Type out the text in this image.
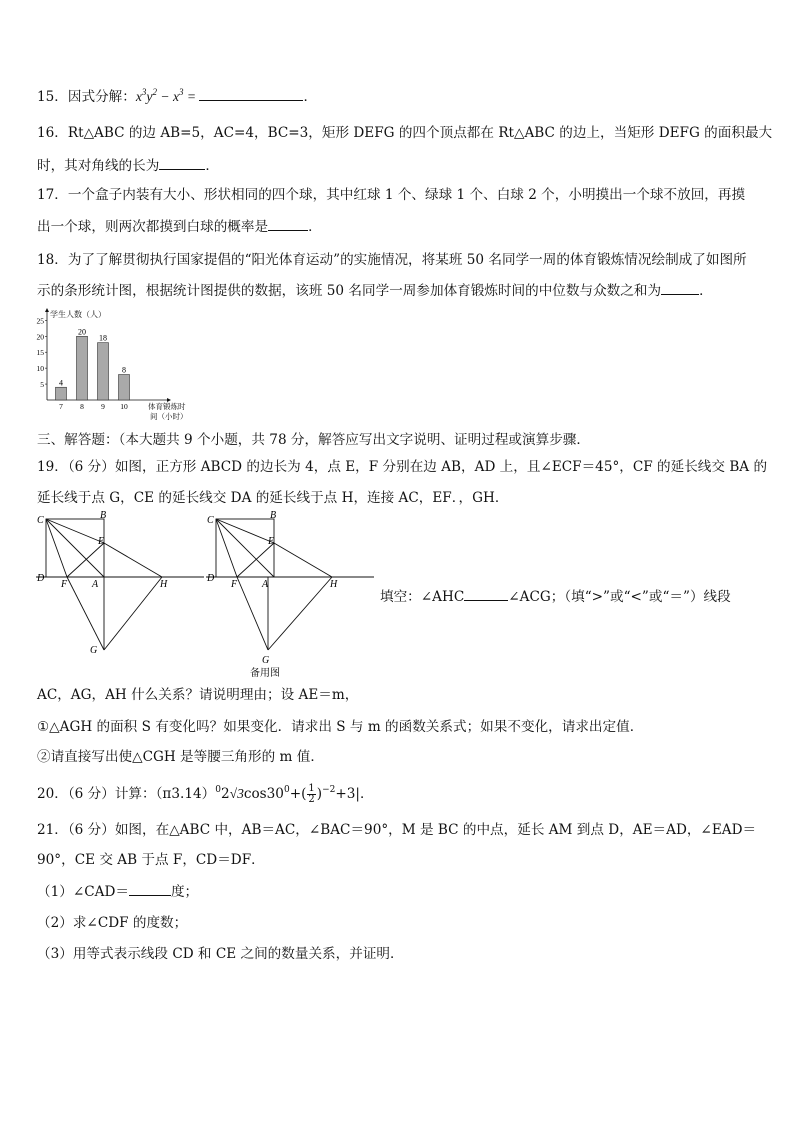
15．因式分解：$x^3y^2 - x^3$ =	．
16．Rt△ABC 的边 AB=5，AC=4，BC=3，矩形 DEFG 的四个顶点都在 Rt△ABC 的边上，当矩形 DEFG 的面积最大
时，其对角线的长为	．
17．一个盒子内装有大小、形状相同的四个球，其中红球 1 个、绿球 1 个、白球 2 个，小明摸出一个球不放回，再摸
出一个球，则两次都摸到白球的概率是	．
18．为了了解贯彻执行国家提倡的“阳光体育运动”的实施情况，将某班 50 名同学一周的体育锻炼情况绘制成了如图所
示的条形统计图，根据统计图提供的数据，该班 50 名同学一周参加体育锻炼时间的中位数与众数之和为	．
学生人数（人）
体育锻炼时
间（小时）
4
7
20
8
18
9
8
10
5
10
15
20
25
三、解答题：（本大题共 9 个小题，共 78 分，解答应写出文字说明、证明过程或演算步骤．
19．（6 分）如图，正方形 ABCD 的边长为 4，点 E，F 分别在边 AB，AD 上，且∠ECF＝45°，CF 的延长线交 BA 的
延长线于点 G，CE 的延长线交 DA 的延长线于点 H，连接 AC，EF．，GH．
C	B
E
D
F A	H
G
C	B
E
D
F A	H
G
备用图
填空：∠AHC	∠ACG；（填“>”或“<”或“＝”）线段
AC，AG，AH 什么关系？请说明理由；设 AE＝m，
①△AGH 的面积 S 有变化吗？如果变化．请求出 S 与 m 的函数关系式；如果不变化，请求出定值．
②请直接写出使△CGH 是等腰三角形的 m 值．
20．（6 分）计算：$(\pi 3.14)^02√3\cos 30^0+( \frac{1}{2} )^{-2}+3|$．
21．（6 分）如图，在△ABC 中，AB＝AC，∠BAC＝90°，M 是 BC 的中点，延长 AM 到点 D，AE＝AD，∠EAD＝
90°，CE 交 AB 于点 F，CD＝DF．
（1）∠CAD＝	度；
（2）求∠CDF 的度数；
（3）用等式表示线段 CD 和 CE 之间的数量关系，并证明．
